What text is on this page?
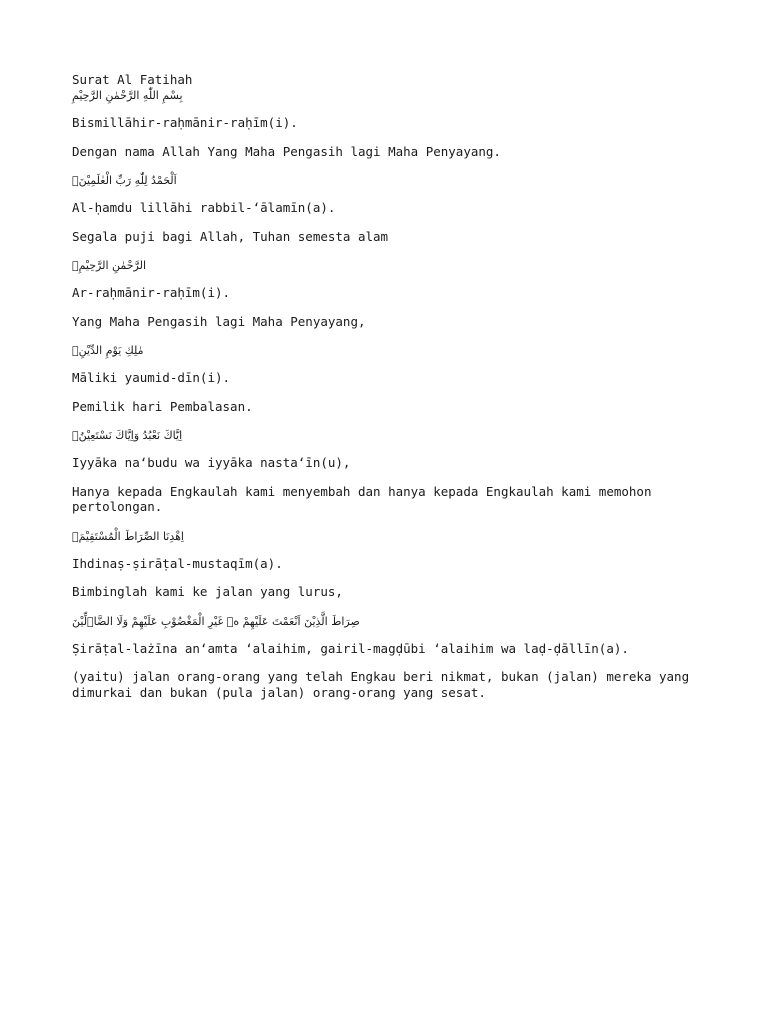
Surat Al Fatihah

بِسْمِ اللّٰهِ الرَّحْمٰنِ الرَّحِيْمِ

Bismillāhir-raḥmānir-raḥīm(i).

Dengan nama Allah Yang Maha Pengasih lagi Maha Penyayang.

اَلْحَمْدُ لِلّٰهِ رَبِّ الْعٰلَمِيْنَۙ

Al-ḥamdu lillāhi rabbil-‘ālamīn(a).

Segala puji bagi Allah, Tuhan semesta alam

الرَّحْمٰنِ الرَّحِيْمِۙ

Ar-raḥmānir-raḥīm(i).

Yang Maha Pengasih lagi Maha Penyayang,

مٰلِكِ يَوْمِ الدِّيْنِۗ

Māliki yaumid-dīn(i).

Pemilik hari Pembalasan.

اِيَّاكَ نَعْبُدُ وَاِيَّاكَ نَسْتَعِيْنُۗ

Iyyāka na‘budu wa iyyāka nasta‘īn(u),

Hanya kepada Engkaulah kami menyembah dan hanya kepada Engkaulah kami memohon pertolongan.

اِهْدِنَا الصِّرَاطَ الْمُسْتَقِيْمَۙ

Ihdinaṣ-ṣirāṭal-mustaqīm(a).

Bimbinglah kami ke jalan yang lurus,

صِرَاطَ الَّذِيْنَ اَنْعَمْتَ عَلَيْهِمْ ەۙ غَيْرِ الْمَغْضُوْبِ عَلَيْهِمْ وَلَا الضَّاۤلِّيْنَ

Ṣirāṭal-lażīna an‘amta ‘alaihim, gairil-magḍūbi ‘alaihim wa laḍ-ḍāllīn(a).

(yaitu) jalan orang-orang yang telah Engkau beri nikmat, bukan (jalan) mereka yang dimurkai dan bukan (pula jalan) orang-orang yang sesat.
